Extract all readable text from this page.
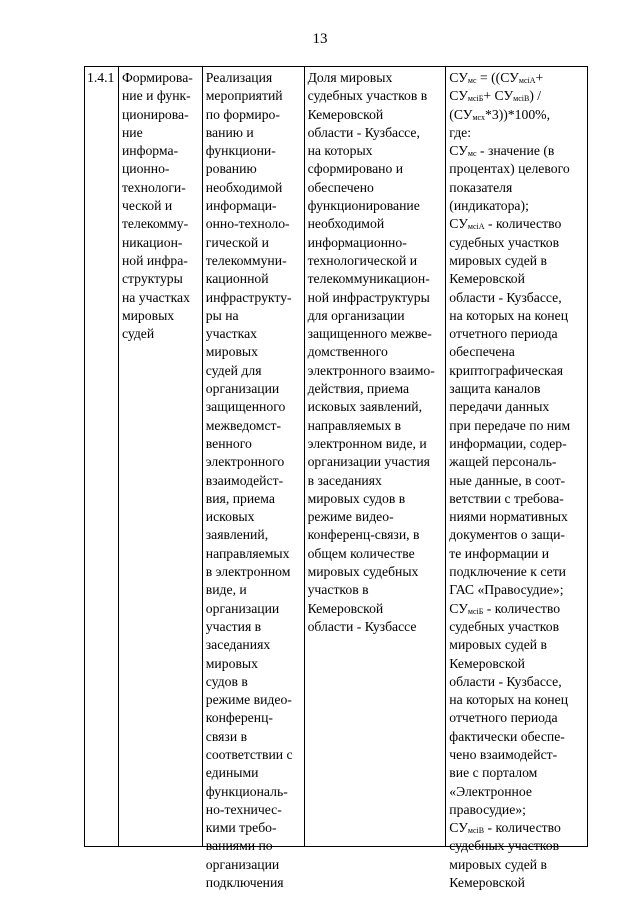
13
1.4.1 Формирова-
ние и функ-
ционирова-
ние
информа-
ционно-
технологи-
ческой и
телекомму-
никацион-
ной инфра-
структуры
на участках
мировых
судей
Реализация
мероприятий
по формиро-
ванию и
функциони-
рованию
необходимой
информаци-
онно-техноло-
гической и
телекоммуни-
кационной
инфраструкту-
ры на
участках
мировых
судей для
организации
защищенного
межведомст-
венного
электронного
взаимодейст-
вия, приема
исковых
заявлений,
направляемых
в электронном
виде, и
организации
участия в
заседаниях
мировых
судов в
режиме видео-
конференц-
связи в
соответствии с
едиными
функциональ-
но-техничес-
кими требо-
ваниями по
организации
подключения
Доля мировых
судебных участков в
Кемеровской
области - Кузбассе,
на которых
сформировано и
обеспечено
функционирование
необходимой
информационно-
технологической и
телекоммуникацион-
ной инфраструктуры
для организации
защищенного межве-
домственного
электронного взаимо-
действия, приема
исковых заявлений,
направляемых в
электронном виде, и
организации участия
в заседаниях
мировых судов в
режиме видео-
конференц-связи, в
общем количестве
мировых судебных
участков в
Кемеровской
области - Кузбассе
$СУ_{мс} = ((СУ_{мсiА}+$
$СУ_{мсiБ}+ СУ_{мсiВ}$) /
$(СУ_{мсх}*3))*100\%$,
где:
$СУ_{мс}$ - значение (в
процентах) целевого
показателя
(индикатора);
$СУ_{мсiА}$ - количество
судебных участков
мировых судей в
Кемеровской
области - Кузбассе,
на которых на конец
отчетного периода
обеспечена
криптографическая
защита каналов
передачи данных
при передаче по ним
информации, содер-
жащей персональ-
ные данные, в соот-
ветствии с требова-
ниями нормативных
документов о защи-
те информации и
подключение к сети
ГАС «Правосудие»;
$СУ_{мсiБ}$ - количество
судебных участков
мировых судей в
Кемеровской
области - Кузбассе,
на которых на конец
отчетного периода
фактически обеспе-
чено взаимодейст-
вие с порталом
«Электронное
правосудие»;
$СУ_{мсiВ}$ - количество
судебных участков
мировых судей в
Кемеровской
